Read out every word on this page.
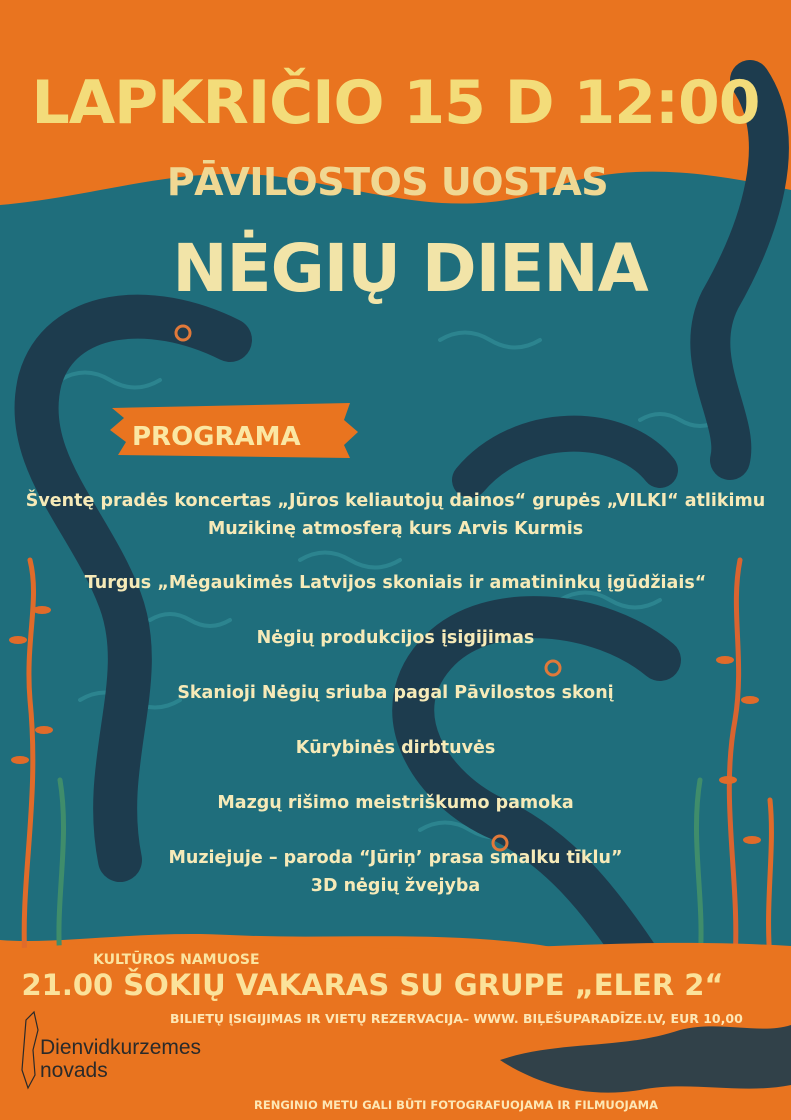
LAPKRIČIO 15 D 12:00
PĀVILOSTOS UOSTAS
NĖGIŲ DIENA

PROGRAMA

Šventę pradės koncertas „Jūros keliautojų dainos“ grupės „VILKI“ atlikimu
Muzikinę atmosferą kurs Arvis Kurmis
Turgus „Mėgaukimės Latvijos skoniais ir amatininkų įgūdžiais“
Nėgių produkcijos įsigijimas
Skanioji Nėgių sriuba pagal Pāvilostos skonį
Kūrybinės dirbtuvės
Mazgų rišimo meistriškumo pamoka
Muziejuje – paroda “Jūriņ’ prasa smalku tīklu”
3D nėgių žvejyba

KULTŪROS NAMUOSE

21.00 ŠOKIŲ VAKARAS SU GRUPE „ELER 2“

BILIETŲ ĮSIGIJIMAS IR VIETŲ REZERVACIJA– WWW. BIĻEŠUPARADĪZE.LV, EUR 10,00

Dienvidkurzemes novads

RENGINIO METU GALI BŪTI FOTOGRAFUOJAMA IR FILMUOJAMA
